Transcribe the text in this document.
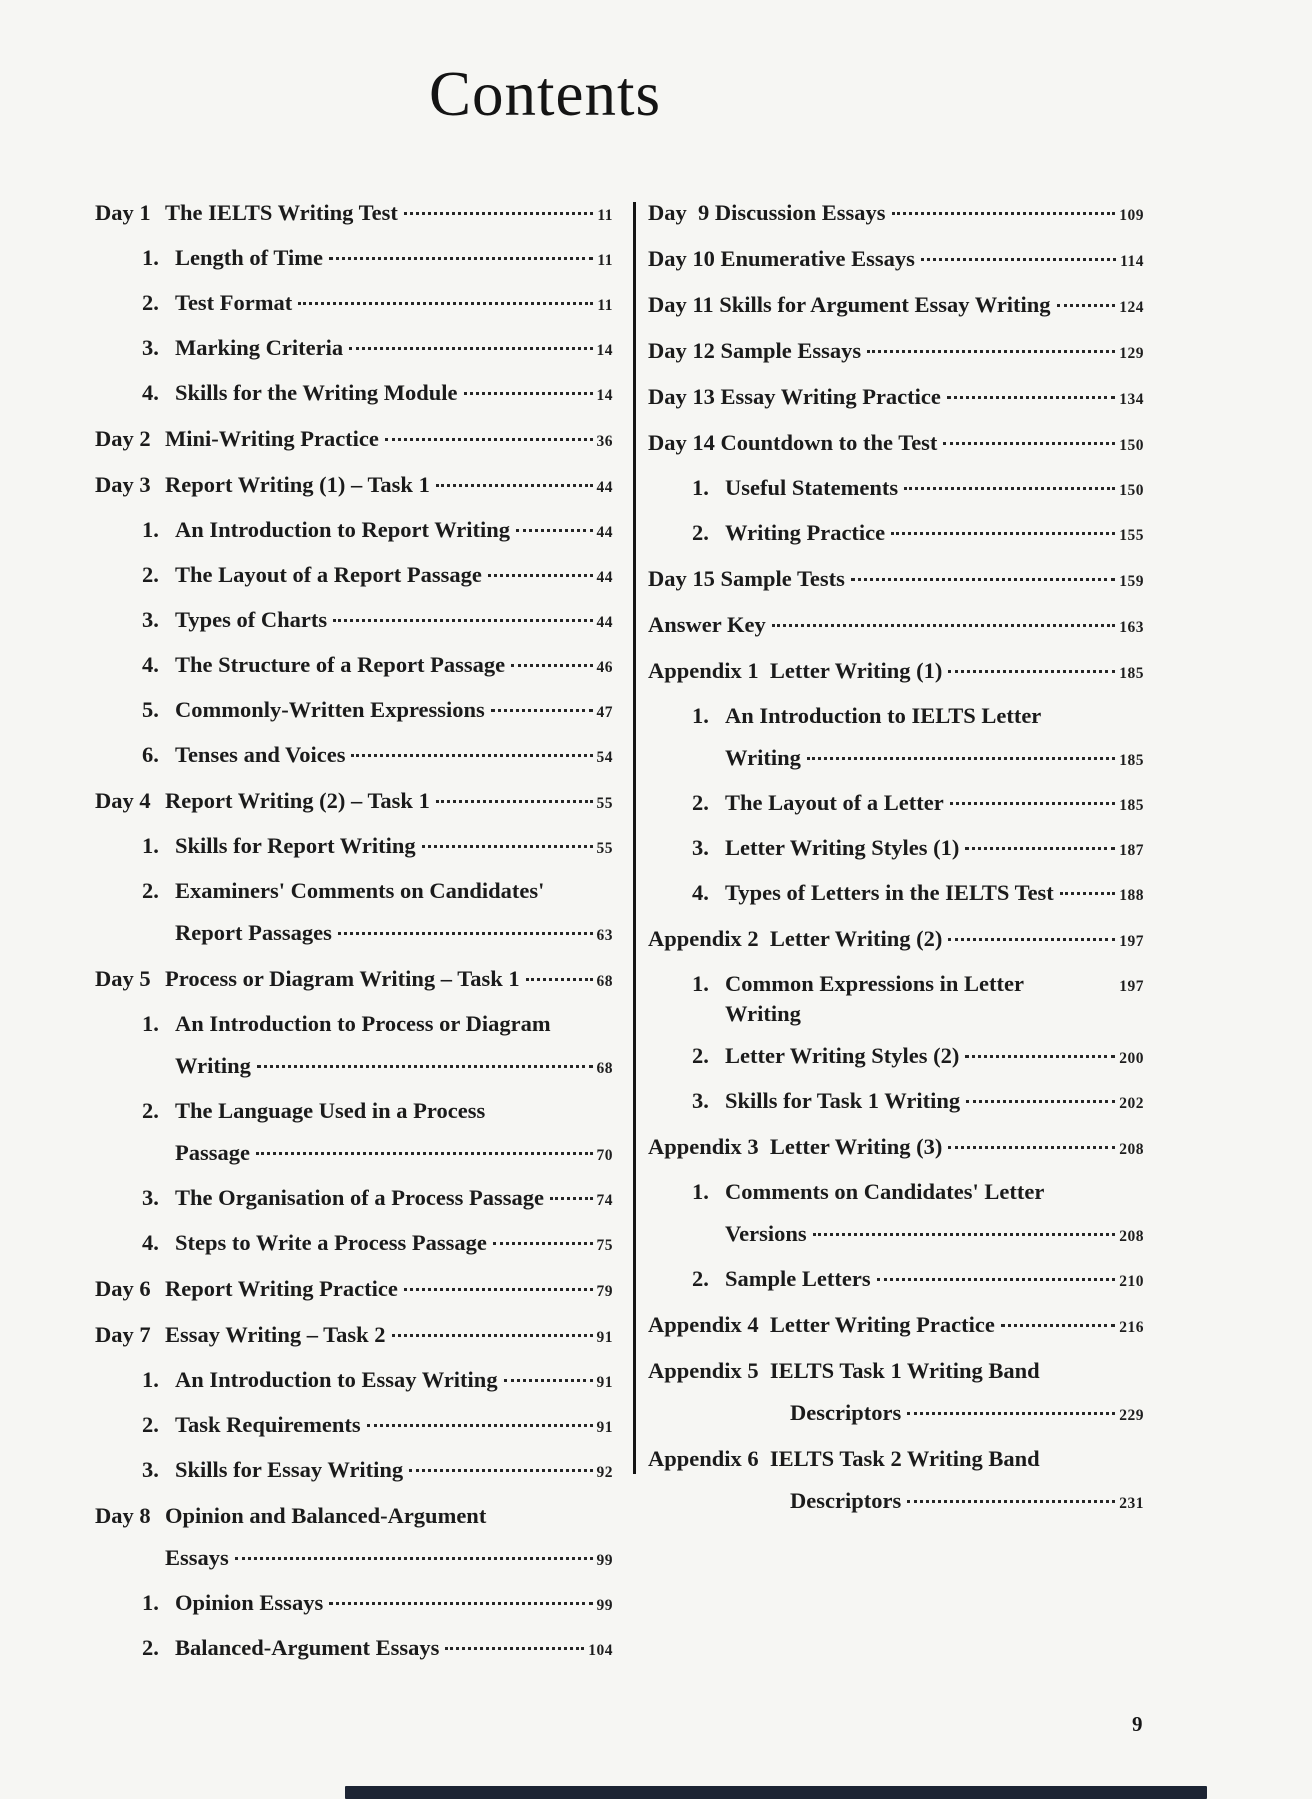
Contents
Day 1 The IELTS Writing Test	11
1. Length of Time	11
2. Test Format	11
3. Marking Criteria	14
4. Skills for the Writing Module	14
Day 2 Mini-Writing Practice	36
Day 3 Report Writing (1) – Task 1	44
1. An Introduction to Report Writing	44
2. The Layout of a Report Passage	44
3. Types of Charts	44
4. The Structure of a Report Passage	46
5. Commonly-Written Expressions	47
6. Tenses and Voices	54
Day 4 Report Writing (2) – Task 1	55
1. Skills for Report Writing	55
2. Examiners' Comments on Candidates'
Report Passages	63
Day 5 Process or Diagram Writing – Task 1	68
1. An Introduction to Process or Diagram
Writing	68
2. The Language Used in a Process
Passage	70
3. The Organisation of a Process Passage	74
4. Steps to Write a Process Passage	75
Day 6 Report Writing Practice	79
Day 7 Essay Writing – Task 2	91
1. An Introduction to Essay Writing	91
2. Task Requirements	91
3. Skills for Essay Writing	92
Day 8 Opinion and Balanced-Argument
Essays	99
1. Opinion Essays	99
2. Balanced-Argument Essays	104
Day  9 Discussion Essays	109
Day 10 Enumerative Essays	114
Day 11 Skills for Argument Essay Writing	124
Day 12 Sample Essays	129
Day 13 Essay Writing Practice	134
Day 14 Countdown to the Test	150
1. Useful Statements	150
2. Writing Practice	155
Day 15 Sample Tests	159
Answer Key	163
Appendix 1  Letter Writing (1)	185
1. An Introduction to IELTS Letter
Writing	185
2. The Layout of a Letter	185
3. Letter Writing Styles (1)	187
4. Types of Letters in the IELTS Test	188
Appendix 2  Letter Writing (2)	197
1. Common Expressions in Letter Writing
197
2. Letter Writing Styles (2)	200
3. Skills for Task 1 Writing	202
Appendix 3  Letter Writing (3)	208
1. Comments on Candidates' Letter
Versions	208
2. Sample Letters	210
Appendix 4  Letter Writing Practice	216
Appendix 5  IELTS Task 1 Writing Band
Descriptors	229
Appendix 6  IELTS Task 2 Writing Band
Descriptors	231
9
